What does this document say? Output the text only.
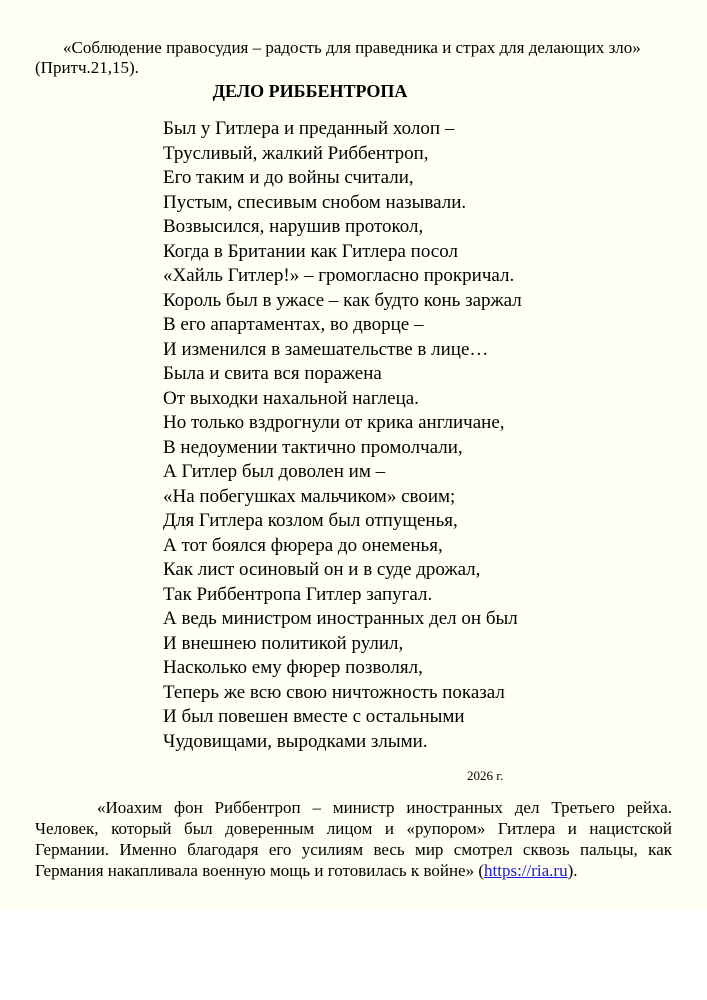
«Соблюдение правосудия – радость для праведника и страх для делающих зло» (Притч.21,15).

ДЕЛО РИББЕНТРОПА
Был у Гитлера и преданный холоп –
Трусливый, жалкий Риббентроп,
Его таким и до войны считали,
Пустым, спесивым снобом называли.
Возвысился, нарушив протокол,
Когда в Британии как Гитлера посол
«Хайль Гитлер!» – громогласно прокричал.
Король был в ужасе – как будто конь заржал
В его апартаментах, во дворце –
И изменился в замешательстве в лице…
Была и свита вся поражена
От выходки нахальной наглеца.
Но только вздрогнули от крика англичане,
В недоумении тактично промолчали,
А Гитлер был доволен им –
«На побегушках мальчиком» своим;
Для Гитлера козлом был отпущенья,
А тот боялся фюрера до онеменья,
Как лист осиновый он и в суде дрожал,
Так Риббентропа Гитлер запугал.
А ведь министром иностранных дел он был
И внешнею политикой рулил,
Насколько ему фюрер позволял,
Теперь же всю свою ничтожность показал
И был повешен вместе с остальными
Чудовищами, выродками злыми.
2026 г.

«Иоахим фон Риббентроп – министр иностранных дел Третьего рейха. Человек, который был доверенным лицом и «рупором» Гитлера и нацистской Германии. Именно благодаря его усилиям весь мир смотрел сквозь пальцы, как Германия накапливала военную мощь и готовилась к войне» (https://ria.ru).
